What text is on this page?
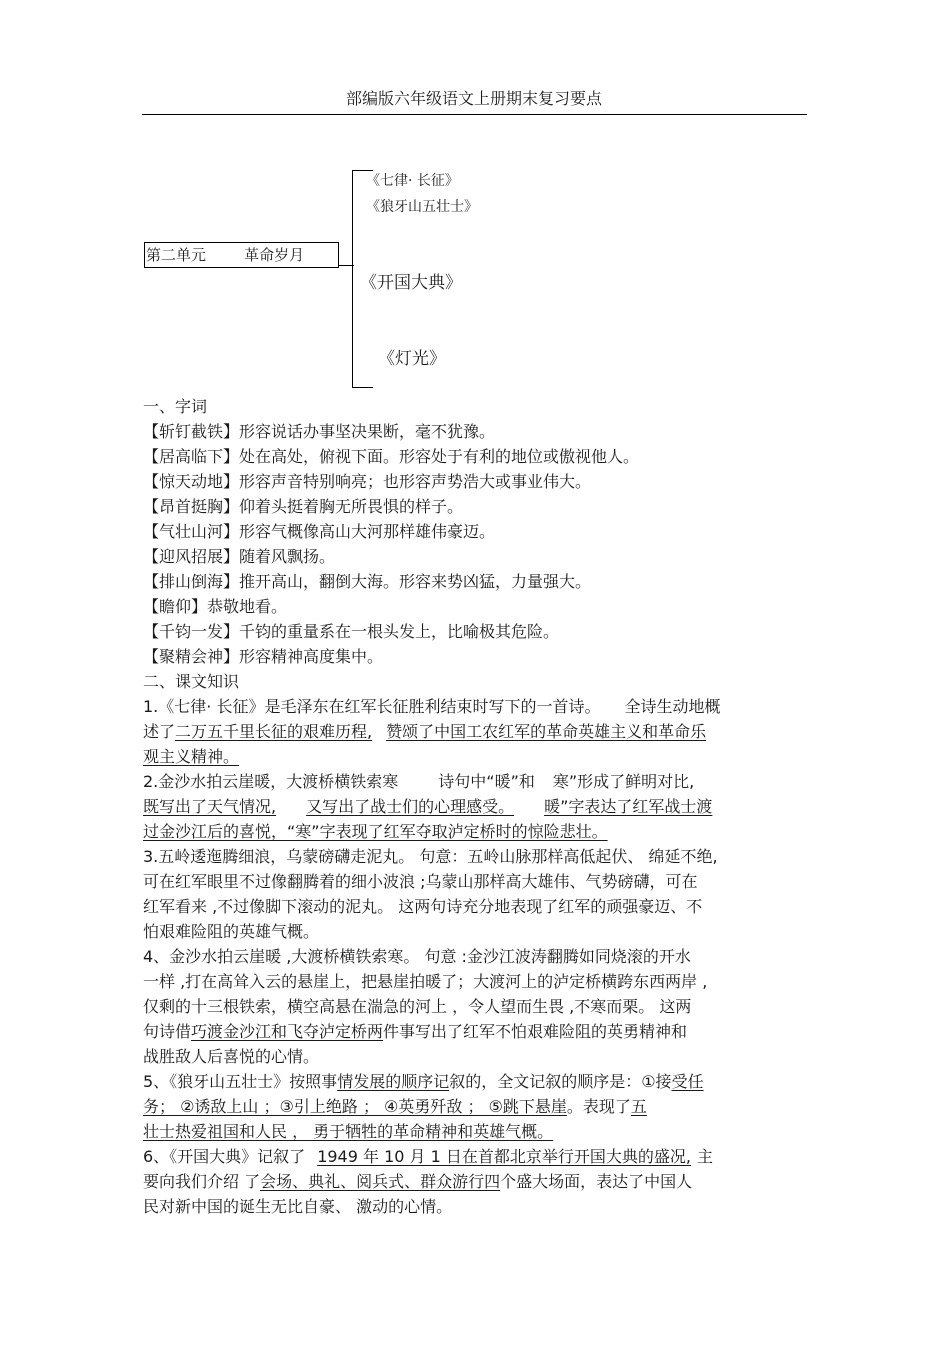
部编版六年级语文上册期末复习要点
第二单元        革命岁月
《七律· 长征》
《狼牙山五壮士》
《开国大典》
《灯光》
一、字词
【斩钉截铁】形容说话办事坚决果断，毫不犹豫。
【居高临下】处在高处，俯视下面。形容处于有利的地位或傲视他人。
【惊天动地】形容声音特别响亮；也形容声势浩大或事业伟大。
【昂首挺胸】仰着头挺着胸无所畏惧的样子。
【气壮山河】形容气概像高山大河那样雄伟豪迈。
【迎风招展】随着风飘扬。
【排山倒海】推开高山，翻倒大海。形容来势凶猛，力量强大。
【瞻仰】恭敬地看。
【千钧一发】千钧的重量系在一根头发上，比喻极其危险。
【聚精会神】形容精神高度集中。
二、课文知识
1.《七律· 长征》是毛泽东在红军长征胜利结束时写下的一首诗。 全诗生动地概
述了二万五千里长征的艰难历程, 赞颂了中国工农红军的革命英雄主义和革命乐
观主义精神。
2.金沙水拍云崖暖，大渡桥横铁索寒	诗句中“暖”和 寒”形成了鲜明对比,
既写出了天气情况, 又写出了战士们的心理感受。 暖”字表达了红军战士渡
过金沙江后的喜悦，“寒”字表现了红军夺取泸定桥时的惊险悲壮。
3.五岭逶迤腾细浪，乌蒙磅礴走泥丸。 句意：五岭山脉那样高低起伏、 绵延不绝,
可在红军眼里不过像翻腾着的细小波浪 ;乌蒙山那样高大雄伟、气势磅礴，可在
红军看来 ,不过像脚下滚动的泥丸。 这两句诗充分地表现了红军的顽强豪迈、不
怕艰难险阻的英雄气概。
4、金沙水拍云崖暖 ,大渡桥横铁索寒。 句意 :金沙江波涛翻腾如同烧滚的开水
一样 ,打在高耸入云的悬崖上，把悬崖拍暖了；大渡河上的泸定桥横跨东西两岸 ,
仅剩的十三根铁索，横空高悬在湍急的河上 ，令人望而生畏 ,不寒而栗。 这两
句诗借巧渡金沙江和飞夺泸定桥两件事写出了红军不怕艰难险阻的英勇精神和
战胜敌人后喜悦的心情。
5、《狼牙山五壮士》按照事情发展的顺序记叙的，全文记叙的顺序是：①接受任
务； ②诱敌上山 ；③引上绝路 ； ④英勇歼敌 ； ⑤跳下悬崖。表现了五
壮士热爱祖国和人民 ， 勇于牺牲的革命精神和英雄气概。
6、《开国大典》记叙了 1949 年 10 月 1 日在首都北京举行开国大典的盛况, 主
要向我们介绍 了会场、典礼、阅兵式、群众游行四个盛大场面，表达了中国人
民对新中国的诞生无比自豪、 激动的心情。
